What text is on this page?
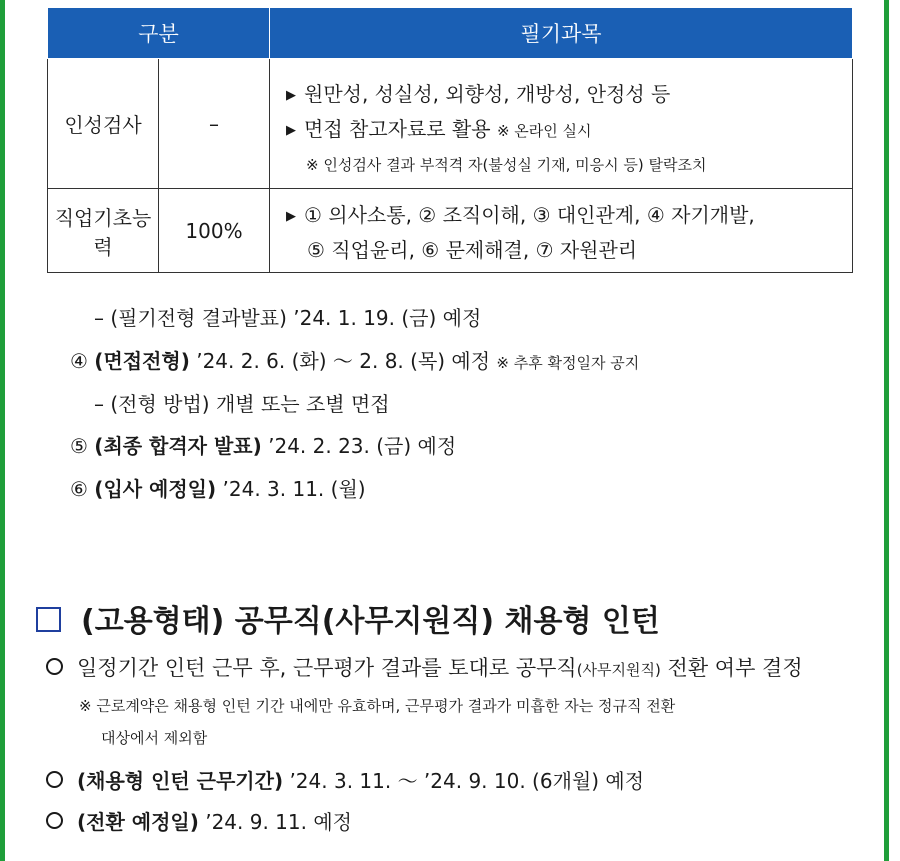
구분		필기과목
인성검사	–	▶ 원만성, 성실성, 외향성, 개방성, 안정성 등
▶ 면접 참고자료로 활용 ※ 온라인 실시
※ 인성검사 결과 부적격 자(불성실 기재, 미응시 등) 탈락조치

직업기초능력	100%	▶ ① 의사소통, ② 조직이해, ③ 대인관계, ④ 자기개발,
⑤ 직업윤리, ⑥ 문제해결, ⑦ 자원관리
– (필기전형 결과발표) ’24. 1. 19. (금) 예정
④ (면접전형) ’24. 2. 6. (화) ～ 2. 8. (목) 예정 ※ 추후 확정일자 공지
– (전형 방법) 개별 또는 조별 면접
⑤ (최종 합격자 발표) ’24. 2. 23. (금) 예정
⑥ (입사 예정일) ’24. 3. 11. (월)
(고용형태) 공무직(사무지원직) 채용형 인턴
일정기간 인턴 근무 후, 근무평가 결과를 토대로 공무직(사무지원직) 전환 여부 결정
※ 근로계약은 채용형 인턴 기간 내에만 유효하며, 근무평가 결과가 미흡한 자는 정규직 전환
대상에서 제외함
(채용형 인턴 근무기간) ’24. 3. 11. ～ ’24. 9. 10. (6개월) 예정
(전환 예정일) ’24. 9. 11. 예정
